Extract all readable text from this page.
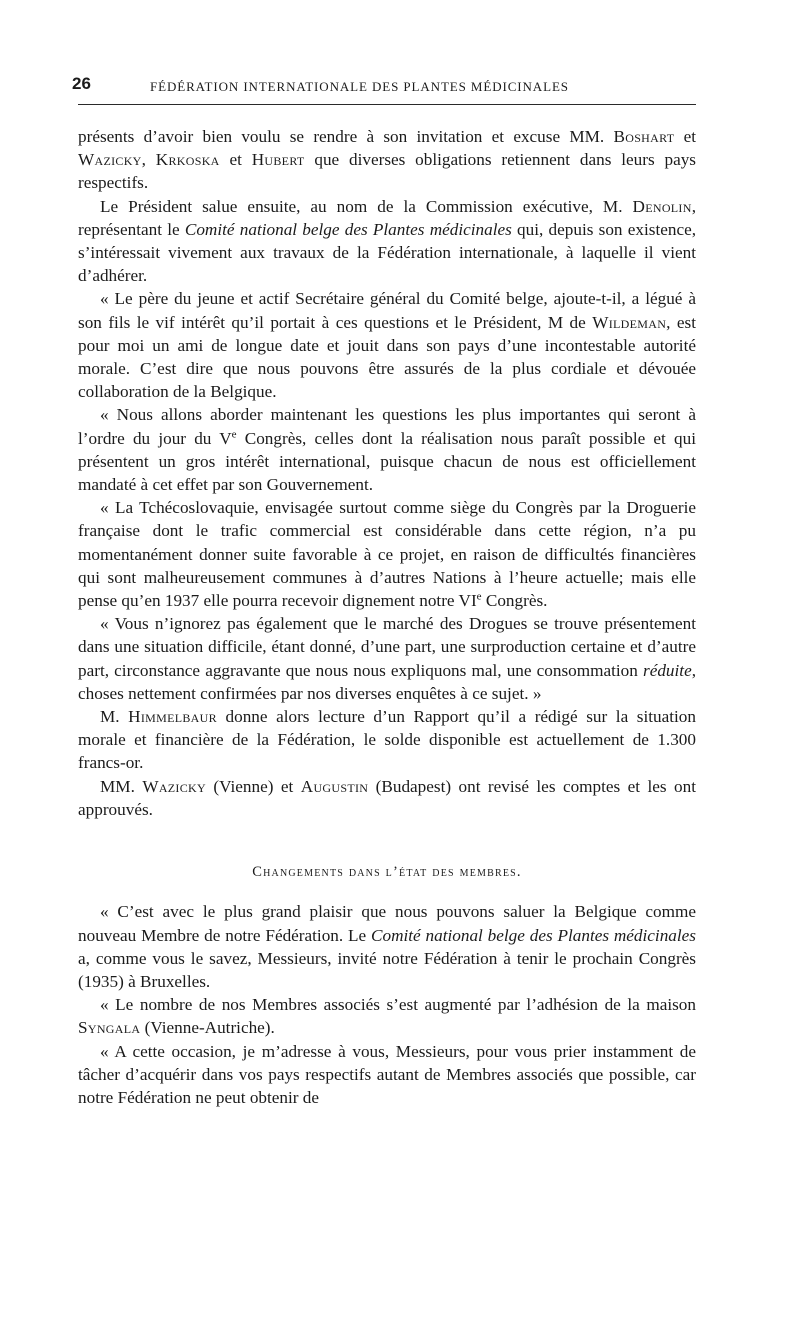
26	FÉDÉRATION INTERNATIONALE DES PLANTES MÉDICINALES

présents d’avoir bien voulu se rendre à son invitation et excuse MM. Boshart et Wazicky, Krkoska et Hubert que diverses obligations retiennent dans leurs pays respectifs.

Le Président salue ensuite, au nom de la Commission exécutive, M. Denolin, représentant le Comité national belge des Plantes médicinales qui, depuis son existence, s’intéressait vivement aux travaux de la Fédération internationale, à laquelle il vient d’adhérer.

« Le père du jeune et actif Secrétaire général du Comité belge, ajoute-t-il, a légué à son fils le vif intérêt qu’il portait à ces questions et le Président, M de Wildeman, est pour moi un ami de longue date et jouit dans son pays d’une incontestable autorité morale. C’est dire que nous pouvons être assurés de la plus cordiale et dévouée collaboration de la Belgique.

« Nous allons aborder maintenant les questions les plus importantes qui seront à l’ordre du jour du Ve Congrès, celles dont la réalisation nous paraît possible et qui présentent un gros intérêt international, puisque chacun de nous est officiellement mandaté à cet effet par son Gouvernement.

« La Tchécoslovaquie, envisagée surtout comme siège du Congrès par la Droguerie française dont le trafic commercial est considérable dans cette région, n’a pu momentanément donner suite favorable à ce projet, en raison de difficultés financières qui sont malheureusement communes à d’autres Nations à l’heure actuelle; mais elle pense qu’en 1937 elle pourra recevoir dignement notre VIe Congrès.

« Vous n’ignorez pas également que le marché des Drogues se trouve présentement dans une situation difficile, étant donné, d’une part, une surproduction certaine et d’autre part, circonstance aggravante que nous nous expliquons mal, une consommation réduite, choses nettement confirmées par nos diverses enquêtes à ce sujet. »

M. Himmelbaur donne alors lecture d’un Rapport qu’il a rédigé sur la situation morale et financière de la Fédération, le solde disponible est actuellement de 1.300 francs-or.

MM. Wazicky (Vienne) et Augustin (Budapest) ont revisé les comptes et les ont approuvés.

Changements dans l’état des membres.

« C’est avec le plus grand plaisir que nous pouvons saluer la Belgique comme nouveau Membre de notre Fédération. Le Comité national belge des Plantes médicinales a, comme vous le savez, Messieurs, invité notre Fédération à tenir le prochain Congrès (1935) à Bruxelles.

« Le nombre de nos Membres associés s’est augmenté par l’adhésion de la maison Syngala (Vienne-Autriche).

« A cette occasion, je m’adresse à vous, Messieurs, pour vous prier instamment de tâcher d’acquérir dans vos pays respectifs autant de Membres associés que possible, car notre Fédération ne peut obtenir de
